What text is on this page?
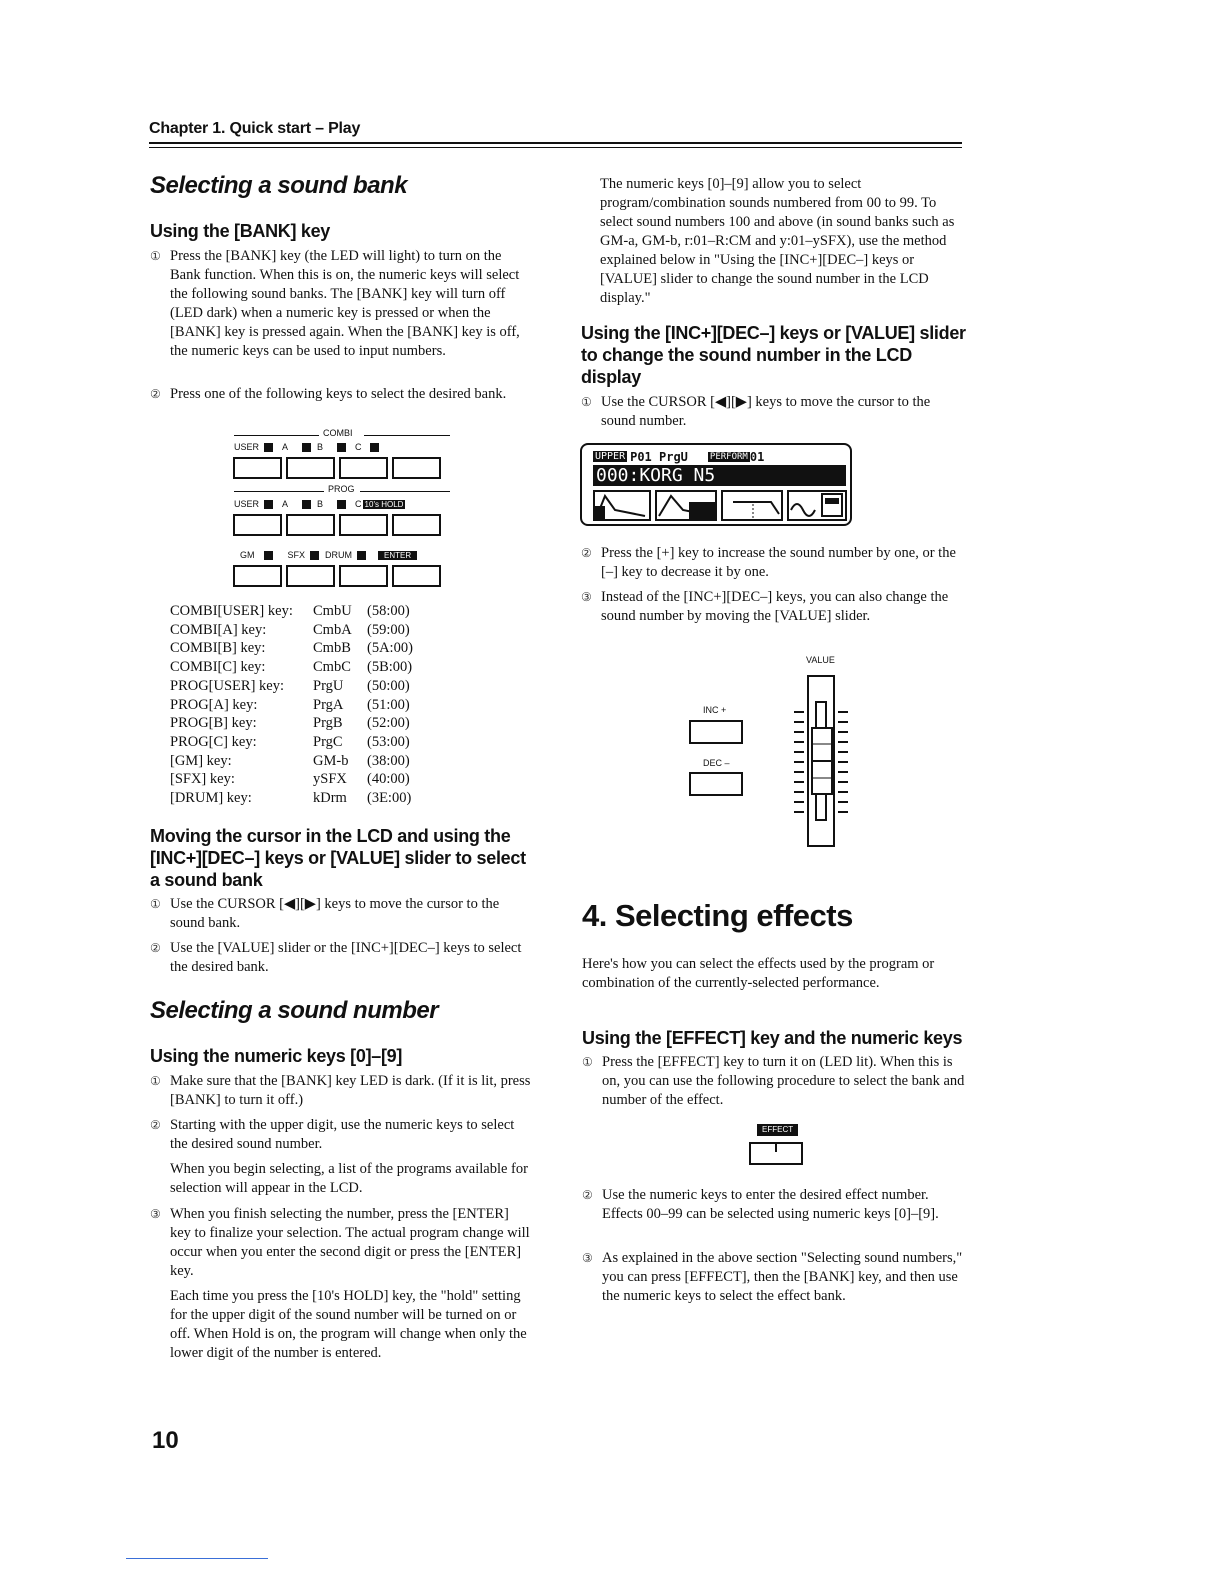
Chapter 1. Quick start – Play
Selecting a sound bank
Using the [BANK] key
① Press the [BANK] key (the LED will light) to turn on the Bank function. When this is on, the numeric keys will select the following sound banks. The [BANK] key will turn off (LED dark) when a numeric key is pressed or when the [BANK] key is pressed again. When the [BANK] key is off, the numeric keys can be used to input numbers.
② Press one of the following keys to select the desired bank.
COMBI
USER	A	B	C
PROG
USER	A	B	C 10's HOLD
GM	SFX DRUM	ENTER
COMBI[USER] key:	CmbU	(58:00)
COMBI[A] key:	CmbA	(59:00)
COMBI[B] key:	CmbB	(5A:00)
COMBI[C] key:	CmbC	(5B:00)
PROG[USER] key:	PrgU	(50:00)
PROG[A] key:	PrgA	(51:00)
PROG[B] key:	PrgB	(52:00)
PROG[C] key:	PrgC	(53:00)
[GM] key:	GM-b	(38:00)
[SFX] key:	ySFX	(40:00)
[DRUM] key:	kDrm	(3E:00)
Moving the cursor in the LCD and using the [INC+][DEC–] keys or [VALUE] slider to select a sound bank
① Use the CURSOR [◀][▶] keys to move the cursor to the sound bank.
② Use the [VALUE] slider or the [INC+][DEC–] keys to select the desired bank.
Selecting a sound number
Using the numeric keys [0]–[9]
① Make sure that the [BANK] key LED is dark. (If it is lit, press [BANK] to turn it off.)
② Starting with the upper digit, use the numeric keys to select the desired sound number.
When you begin selecting, a list of the programs available for selection will appear in the LCD.
③ When you finish selecting the number, press the [ENTER] key to finalize your selection. The actual program change will occur when you enter the second digit or press the [ENTER] key.
Each time you press the [10's HOLD] key, the "hold" setting for the upper digit of the sound number will be turned on or off. When Hold is on, the program will change when only the lower digit of the number is entered.
10
The numeric keys [0]–[9] allow you to select program/combination sounds numbered from 00 to 99. To select sound numbers 100 and above (in sound banks such as GM-a, GM-b, r:01–R:CM and y:01–ySFX), use the method explained below in "Using the [INC+][DEC–] keys or [VALUE] slider to change the sound number in the LCD display."
Using the [INC+][DEC–] keys or [VALUE] slider to change the sound number in the LCD display
① Use the CURSOR [◀][▶] keys to move the cursor to the sound number.
UPPER P01 PrgU PERFORM 01
000:KORG N5
② Press the [+] key to increase the sound number by one, or the [–] key to decrease it by one.
③ Instead of the [INC+][DEC–] keys, you can also change the sound number by moving the [VALUE] slider.
VALUE
INC +
DEC –
4. Selecting effects
Here's how you can select the effects used by the program or combination of the currently-selected performance.
Using the [EFFECT] key and the numeric keys
① Press the [EFFECT] key to turn it on (LED lit). When this is on, you can use the following procedure to select the bank and number of the effect.
EFFECT
② Use the numeric keys to enter the desired effect number. Effects 00–99 can be selected using numeric keys [0]–[9].
③ As explained in the above section "Selecting sound numbers," you can press [EFFECT], then the [BANK] key, and then use the numeric keys to select the effect bank.
